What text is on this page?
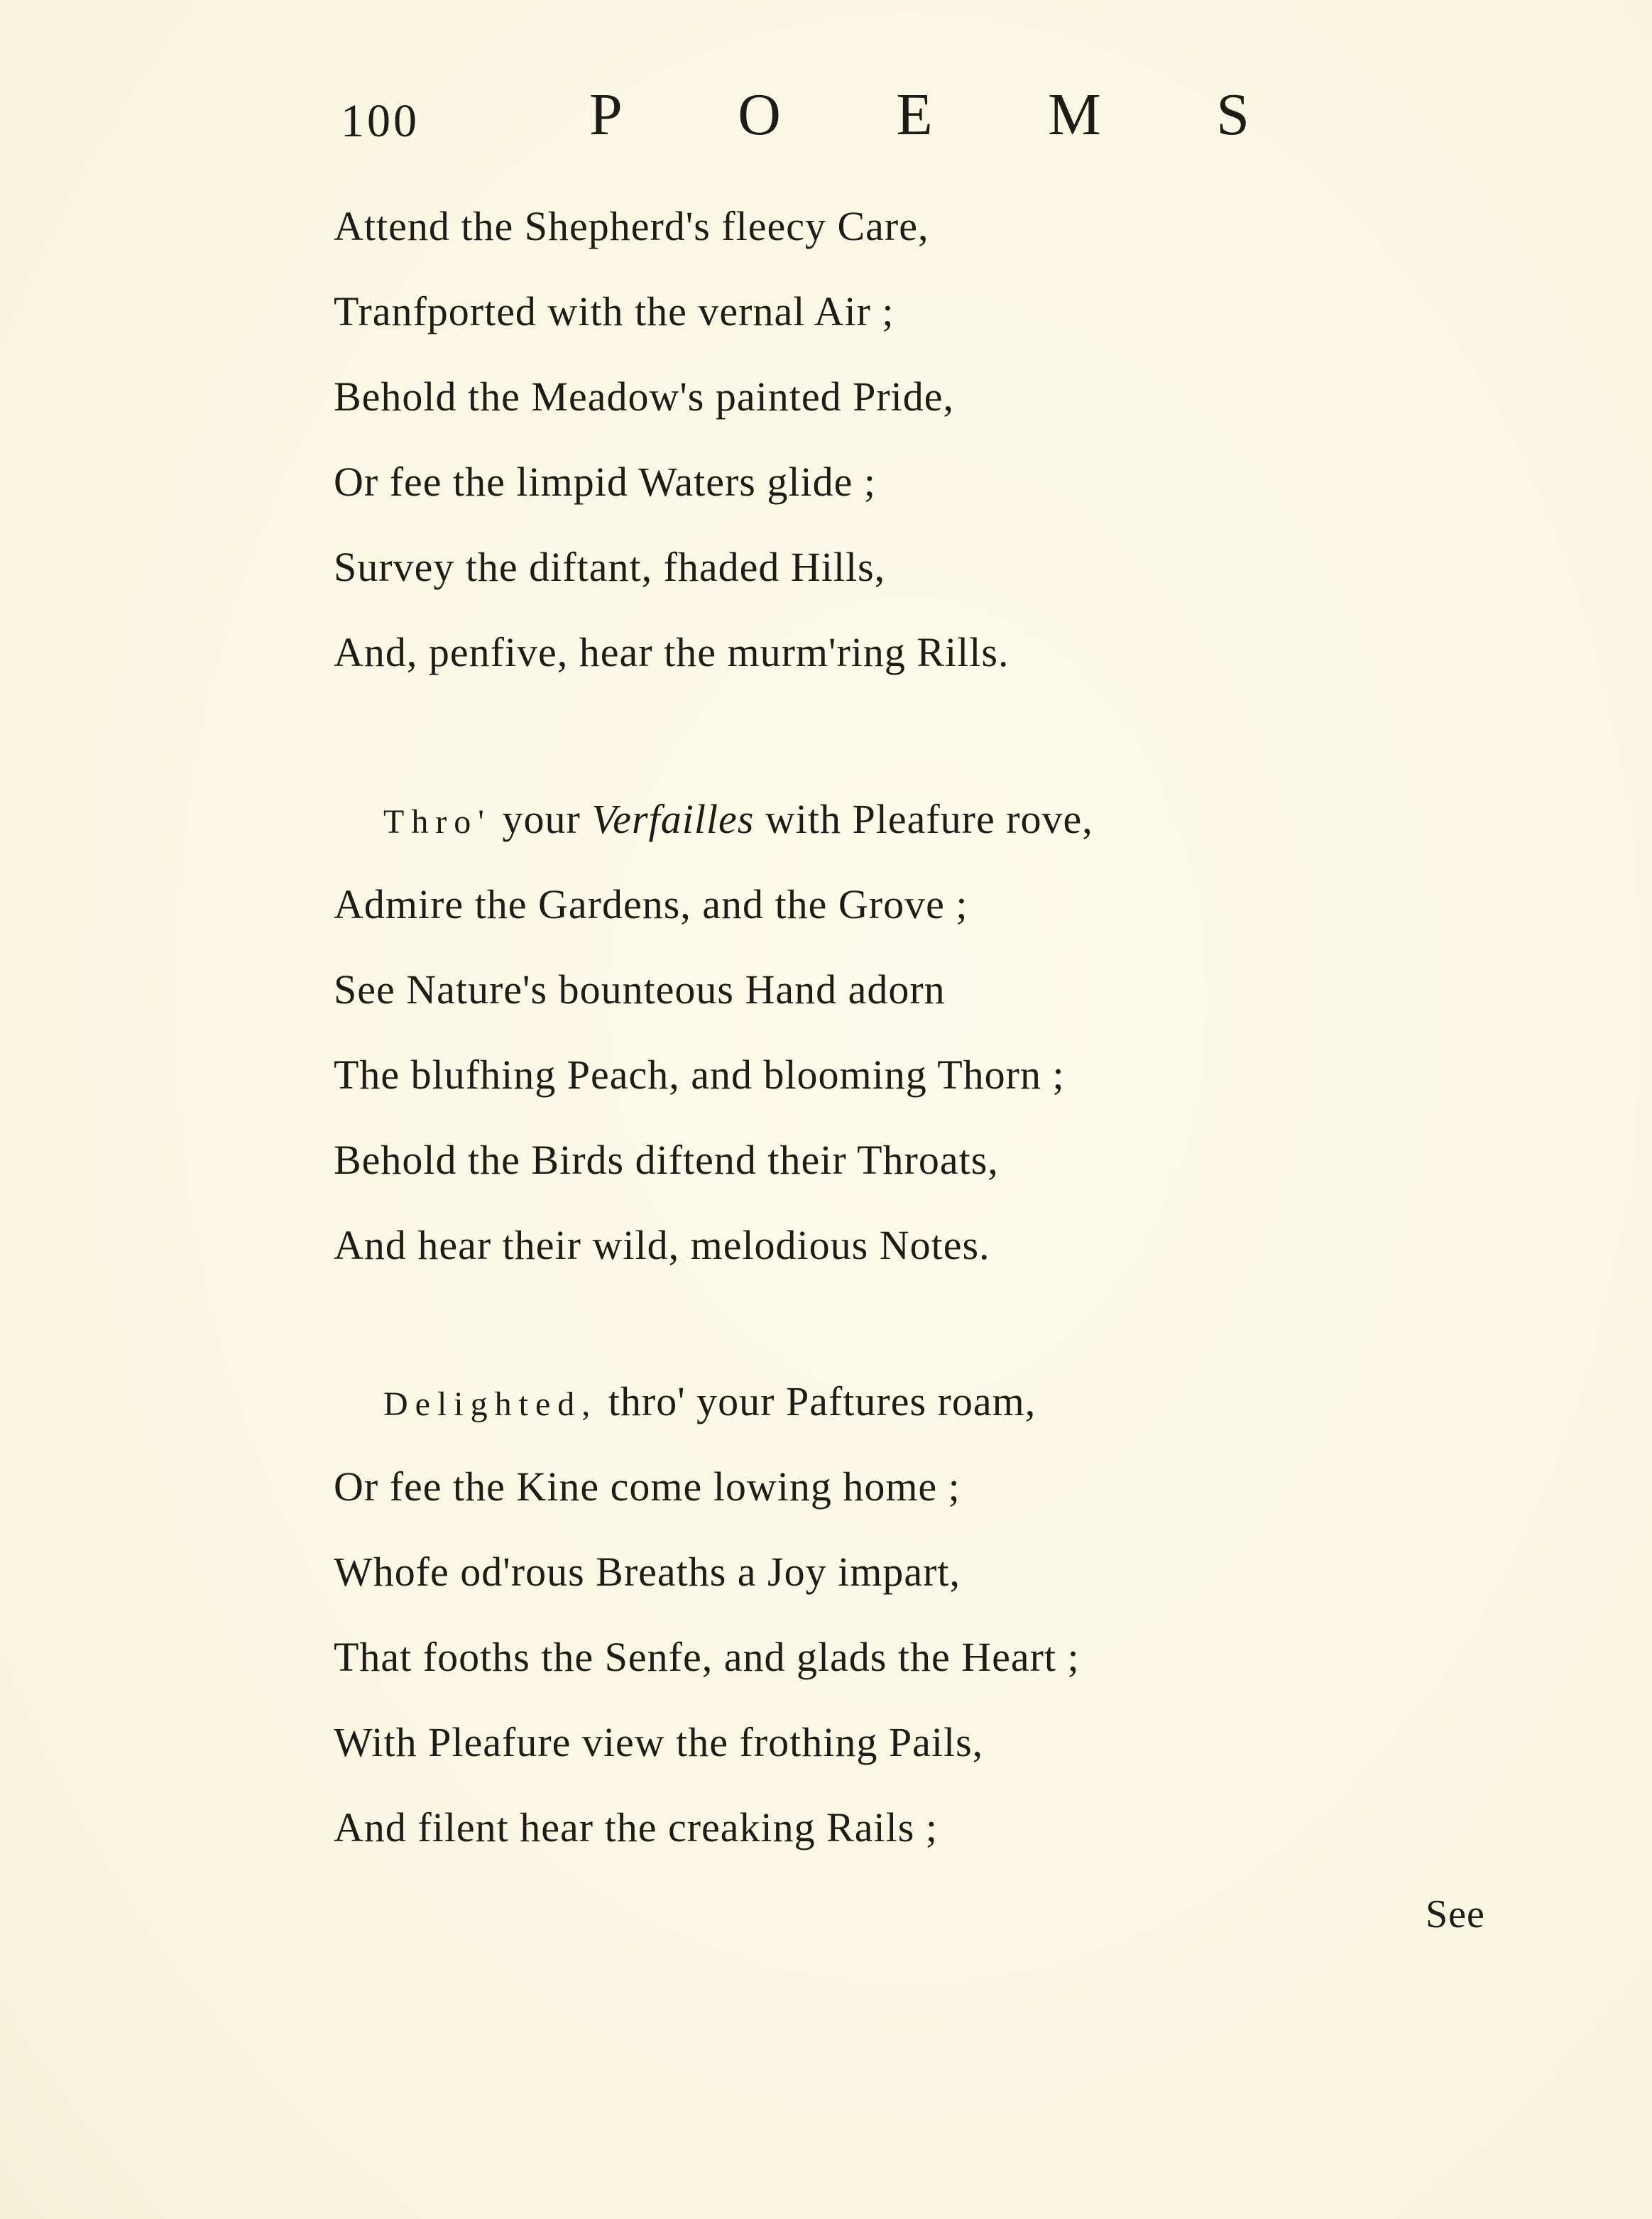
100	P O E M S
Attend the Shepherd's fleecy Care,
Tranfported with the vernal Air ;
Behold the Meadow's painted Pride,
Or fee the limpid Waters glide ;
Survey the diftant, fhaded Hills,
And, penfive, hear the murm'ring Rills.
Thro' your Verfailles with Pleafure rove,
Admire the Gardens, and the Grove ;
See Nature's bounteous Hand adorn
The blufhing Peach, and blooming Thorn ;
Behold the Birds diftend their Throats,
And hear their wild, melodious Notes.
Delighted, thro' your Paftures roam,
Or fee the Kine come lowing home ;
Whofe od'rous Breaths a Joy impart,
That fooths the Senfe, and glads the Heart ;
With Pleafure view the frothing Pails,
And filent hear the creaking Rails ;
See
